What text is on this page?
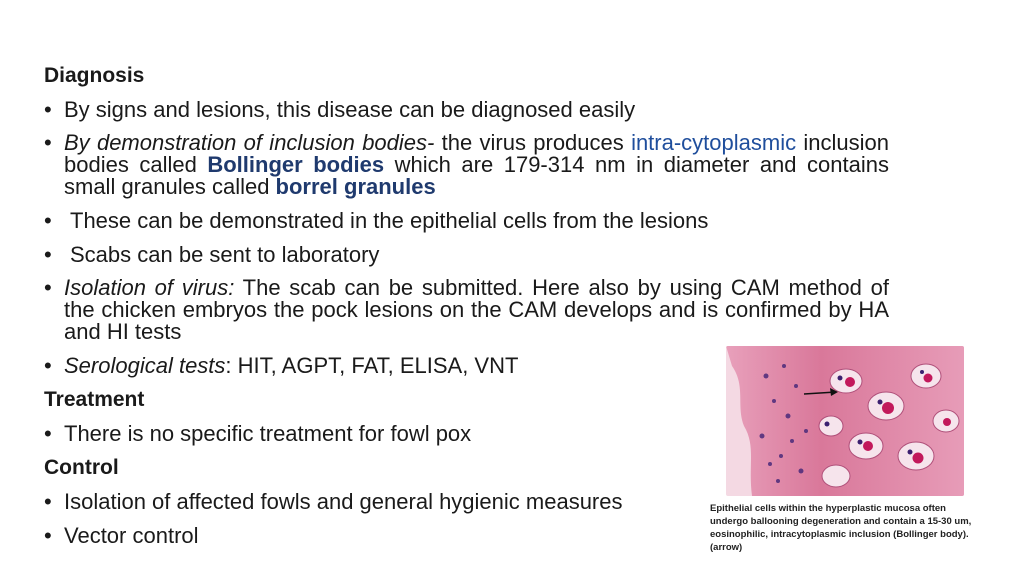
Diagnosis
• By signs and lesions, this disease can be diagnosed easily
• By demonstration of inclusion bodies- the virus produces intra-cytoplasmic inclusion bodies called Bollinger bodies which are 179-314 nm in diameter and contains small granules called borrel granules
• These can be demonstrated in the epithelial cells from the lesions
• Scabs can be sent to laboratory
• Isolation of virus: The scab can be submitted. Here also by using CAM method of the chicken embryos the pock lesions on the CAM develops and is confirmed by HA and HI tests
• Serological tests: HIT, AGPT, FAT, ELISA, VNT
Treatment
• There is no specific treatment for fowl pox
Control
• Isolation of affected fowls and general hygienic measures
• Vector control
Epithelial cells within the hyperplastic mucosa often undergo ballooning degeneration and contain a 15-30 um, eosinophilic, intracytoplasmic inclusion (Bollinger body). (arrow)
